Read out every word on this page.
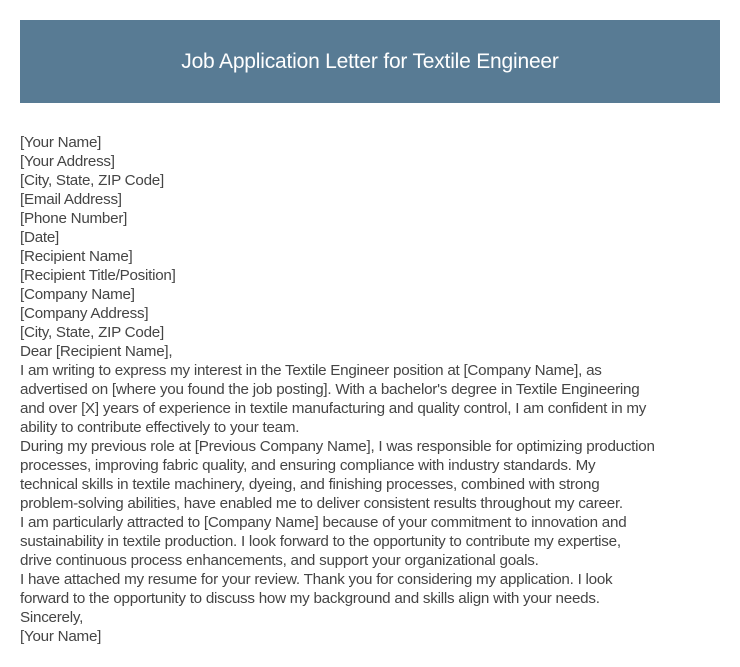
Job Application Letter for Textile Engineer
[Your Name]
[Your Address]
[City, State, ZIP Code]
[Email Address]
[Phone Number]
[Date]
[Recipient Name]
[Recipient Title/Position]
[Company Name]
[Company Address]
[City, State, ZIP Code]
Dear [Recipient Name],
I am writing to express my interest in the Textile Engineer position at [Company Name], as
advertised on [where you found the job posting]. With a bachelor's degree in Textile Engineering
and over [X] years of experience in textile manufacturing and quality control, I am confident in my
ability to contribute effectively to your team.
During my previous role at [Previous Company Name], I was responsible for optimizing production
processes, improving fabric quality, and ensuring compliance with industry standards. My
technical skills in textile machinery, dyeing, and finishing processes, combined with strong
problem-solving abilities, have enabled me to deliver consistent results throughout my career.
I am particularly attracted to [Company Name] because of your commitment to innovation and
sustainability in textile production. I look forward to the opportunity to contribute my expertise,
drive continuous process enhancements, and support your organizational goals.
I have attached my resume for your review. Thank you for considering my application. I look
forward to the opportunity to discuss how my background and skills align with your needs.
Sincerely,
[Your Name]
